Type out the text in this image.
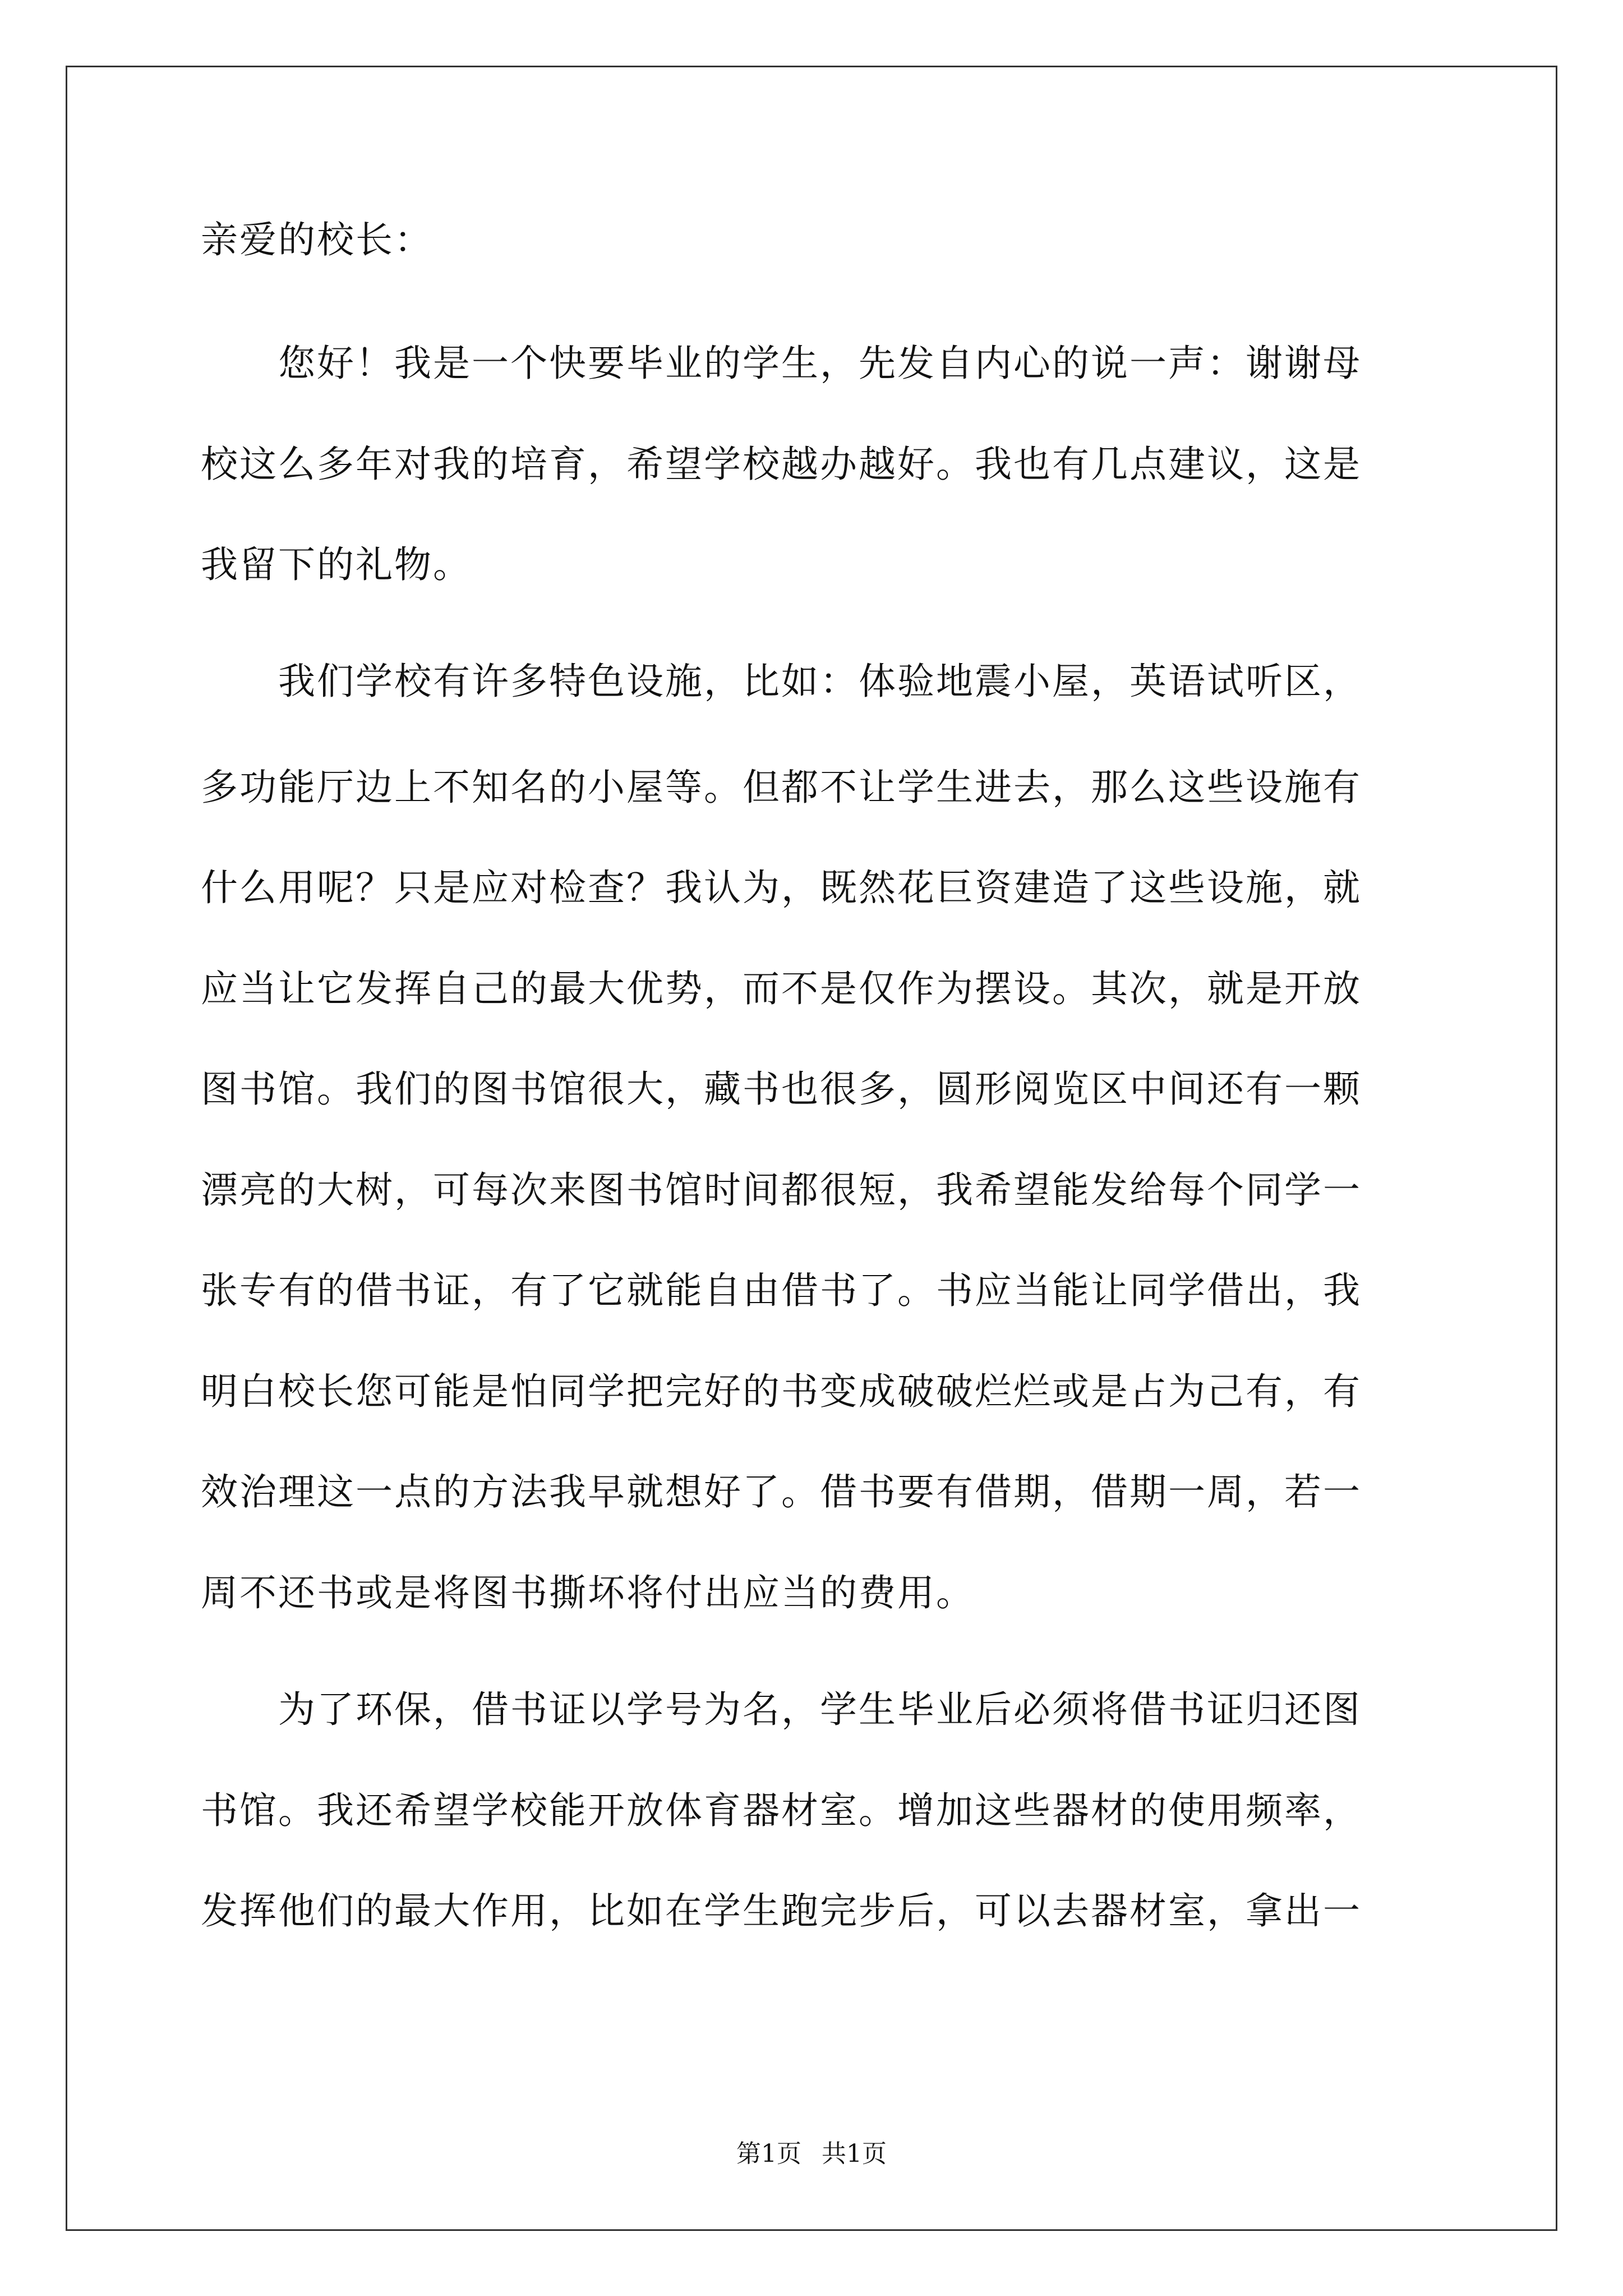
亲爱的校长：
　　您好！我是一个快要毕业的学生，先发自内心的说一声：谢谢母
校这么多年对我的培育，希望学校越办越好。我也有几点建议，这是
我留下的礼物。
　　我们学校有许多特色设施，比如：体验地震小屋，英语试听区，
多功能厅边上不知名的小屋等。但都不让学生进去，那么这些设施有
什么用呢？只是应对检查？我认为，既然花巨资建造了这些设施，就
应当让它发挥自己的最大优势，而不是仅作为摆设。其次，就是开放
图书馆。我们的图书馆很大，藏书也很多，圆形阅览区中间还有一颗
漂亮的大树，可每次来图书馆时间都很短，我希望能发给每个同学一
张专有的借书证，有了它就能自由借书了。书应当能让同学借出，我
明白校长您可能是怕同学把完好的书变成破破烂烂或是占为己有，有
效治理这一点的方法我早就想好了。借书要有借期，借期一周，若一
周不还书或是将图书撕坏将付出应当的费用。
　　为了环保，借书证以学号为名，学生毕业后必须将借书证归还图
书馆。我还希望学校能开放体育器材室。增加这些器材的使用频率，
发挥他们的最大作用，比如在学生跑完步后，可以去器材室，拿出一
第1页 共1页
